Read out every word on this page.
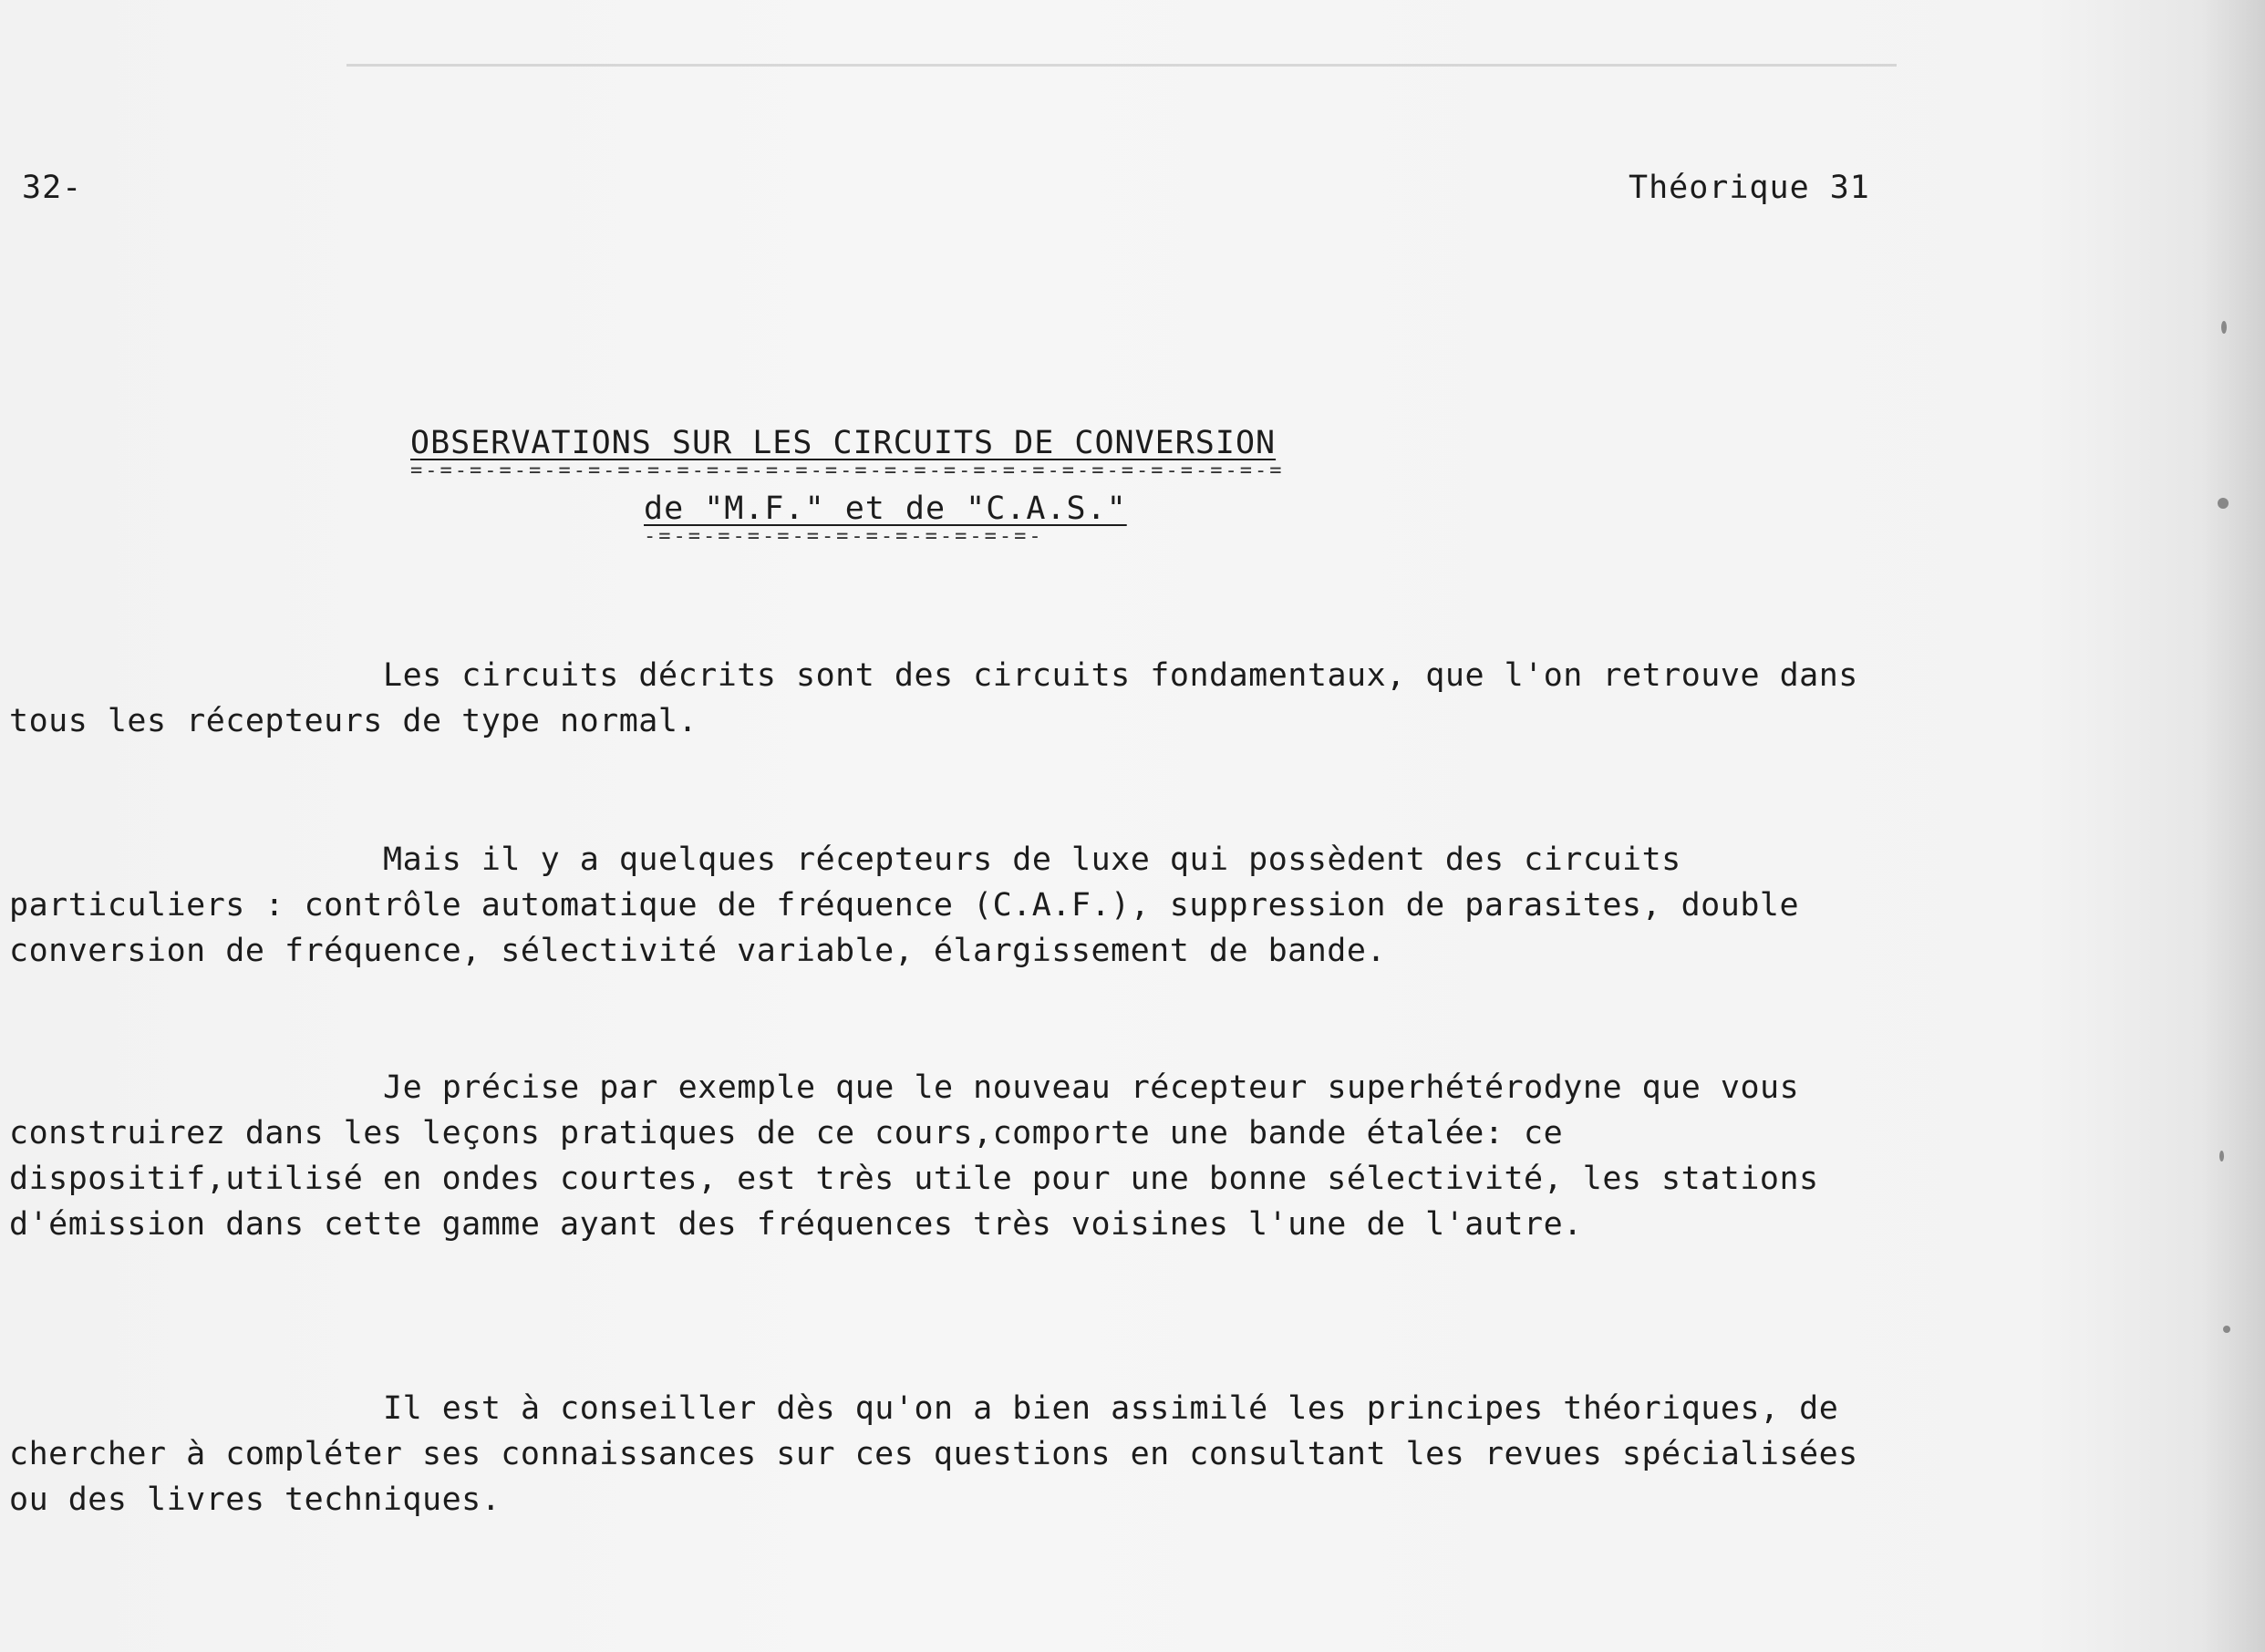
32-	Théorique 31
OBSERVATIONS SUR LES CIRCUITS DE CONVERSION
=-=-=-=-=-=-=-=-=-=-=-=-=-=-=-=-=-=-=-=-=-=-=-=-=-=-=-=-=-=
de "M.F." et de "C.A.S."
-=-=-=-=-=-=-=-=-=-=-=-=-=-

Les circuits décrits sont des circuits fondamentaux, que l'on retrouve dans tous les récepteurs de type normal.

Mais il y a quelques récepteurs de luxe qui possèdent des circuits particuliers : contrôle automatique de fréquence (C.A.F.), suppression de parasites, double conversion de fréquence, sélectivité variable, élargissement de bande.

Je précise par exemple que le nouveau récepteur superhétérodyne que vous construirez dans les leçons pratiques de ce cours,comporte une bande étalée: ce dispositif,utilisé en ondes courtes, est très utile pour une bonne sélectivité, les stations d'émission dans cette gamme ayant des fréquences très voisines l'une de l'autre.

Il est à conseiller dès qu'on a bien assimilé les principes théoriques, de chercher à compléter ses connaissances sur ces questions en consultant les revues spécialisées ou des livres techniques.
